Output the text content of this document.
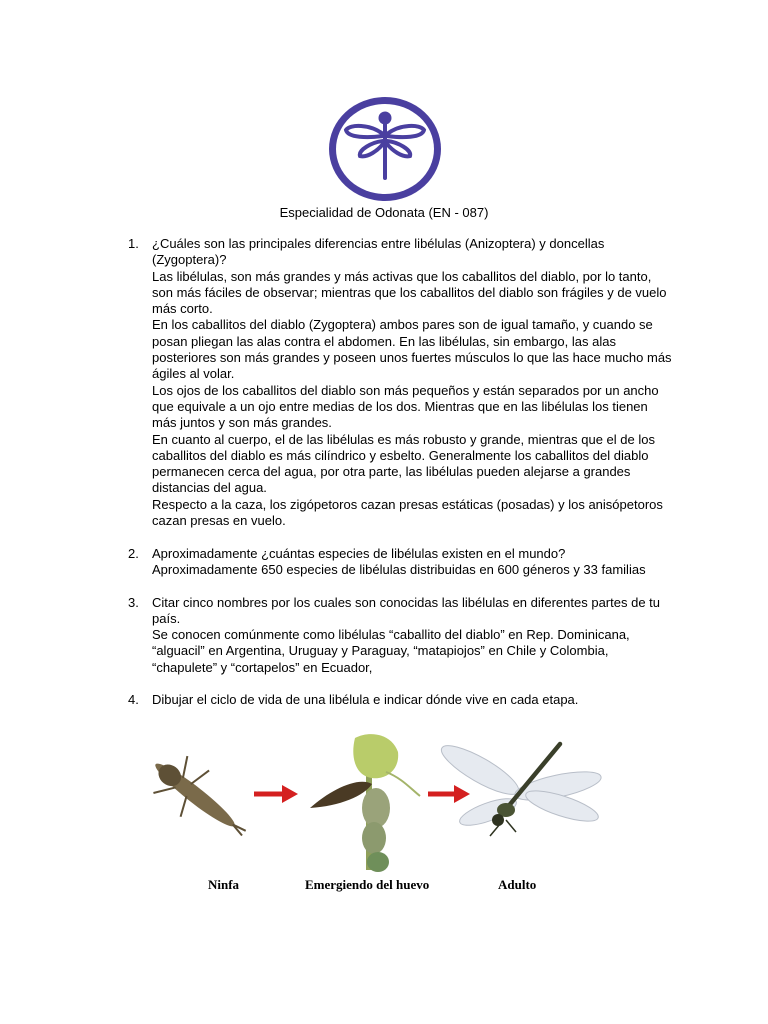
Especialidad de Odonata (EN - 087)
1. ¿Cuáles son las principales diferencias entre libélulas (Anizoptera) y doncellas (Zygoptera)?

Las libélulas, son más grandes y más activas que los caballitos del diablo, por lo tanto, son más fáciles de observar; mientras que los caballitos del diablo son frágiles y de vuelo más corto.

En los caballitos del diablo (Zygoptera) ambos pares son de igual tamaño, y cuando se posan pliegan las alas contra el abdomen. En las libélulas, sin embargo, las alas posteriores son más grandes y poseen unos fuertes músculos lo que las hace mucho más ágiles al volar.

Los ojos de los caballitos del diablo son más pequeños y están separados por un ancho que equivale a un ojo entre medias de los dos. Mientras que en las libélulas los tienen más juntos y son más grandes.

En cuanto al cuerpo, el de las libélulas es más robusto y grande, mientras que el de los caballitos del diablo es más cilíndrico y esbelto. Generalmente los caballitos del diablo permanecen cerca del agua, por otra parte, las libélulas pueden alejarse a grandes distancias del agua.

Respecto a la caza, los zigópetoros cazan presas estáticas (posadas) y los anisópetoros cazan presas en vuelo.

2. Aproximadamente ¿cuántas especies de libélulas existen en el mundo?

Aproximadamente 650 especies de libélulas distribuidas en 600 géneros y 33 familias

3. Citar cinco nombres por los cuales son conocidas las libélulas en diferentes partes de tu país.

Se conocen comúnmente como libélulas “caballito del diablo” en Rep. Dominicana, “alguacil” en Argentina, Uruguay y Paraguay, “matapiojos” en Chile y Colombia, “chapulete” y “cortapelos” en Ecuador,

4. Dibujar el ciclo de vida de una libélula e indicar dónde vive en cada etapa.

Ninfa	Emergiendo del huevo	Adulto
